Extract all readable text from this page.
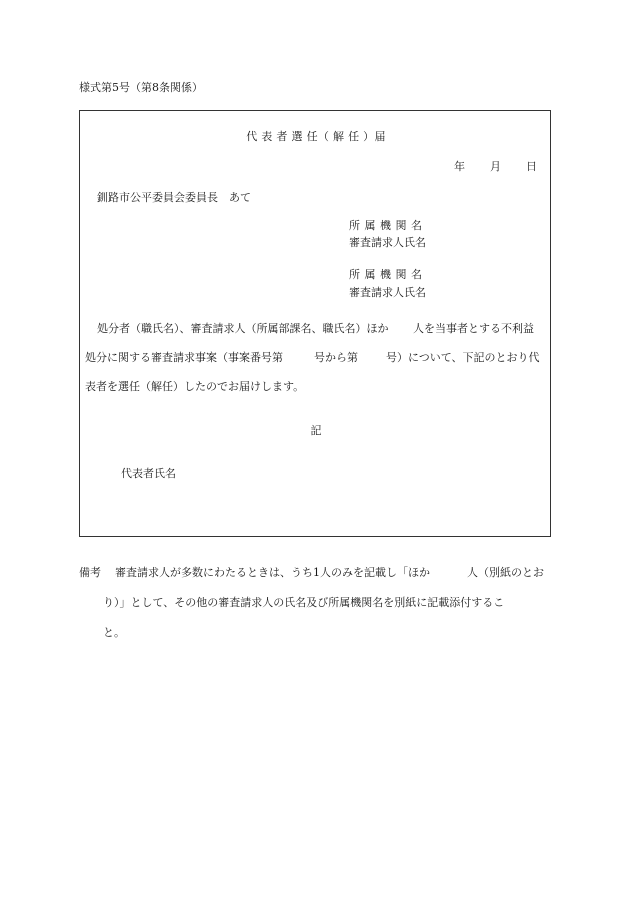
様式第5号（第8条関係）
代 表 者 選 任（ 解 任 ）届
年 月 日
釧路市公平委員会委員長　あて
所 属 機 関 名
審査請求人氏名
所 属 機 関 名
審査請求人氏名
処分者（職氏名）、審査請求人（所属部課名、職氏名）ほか 人を当事者とする不利益
処分に関する審査請求事案（事案番号第	号から第	号）について、下記のとおり代
表者を選任（解任）したのでお届けします。
記
代表者氏名
備考 審査請求人が多数にわたるときは、うち1人のみを記載し「ほか	人（別紙のとお
り）」として、その他の審査請求人の氏名及び所属機関名を別紙に記載添付するこ
と。
